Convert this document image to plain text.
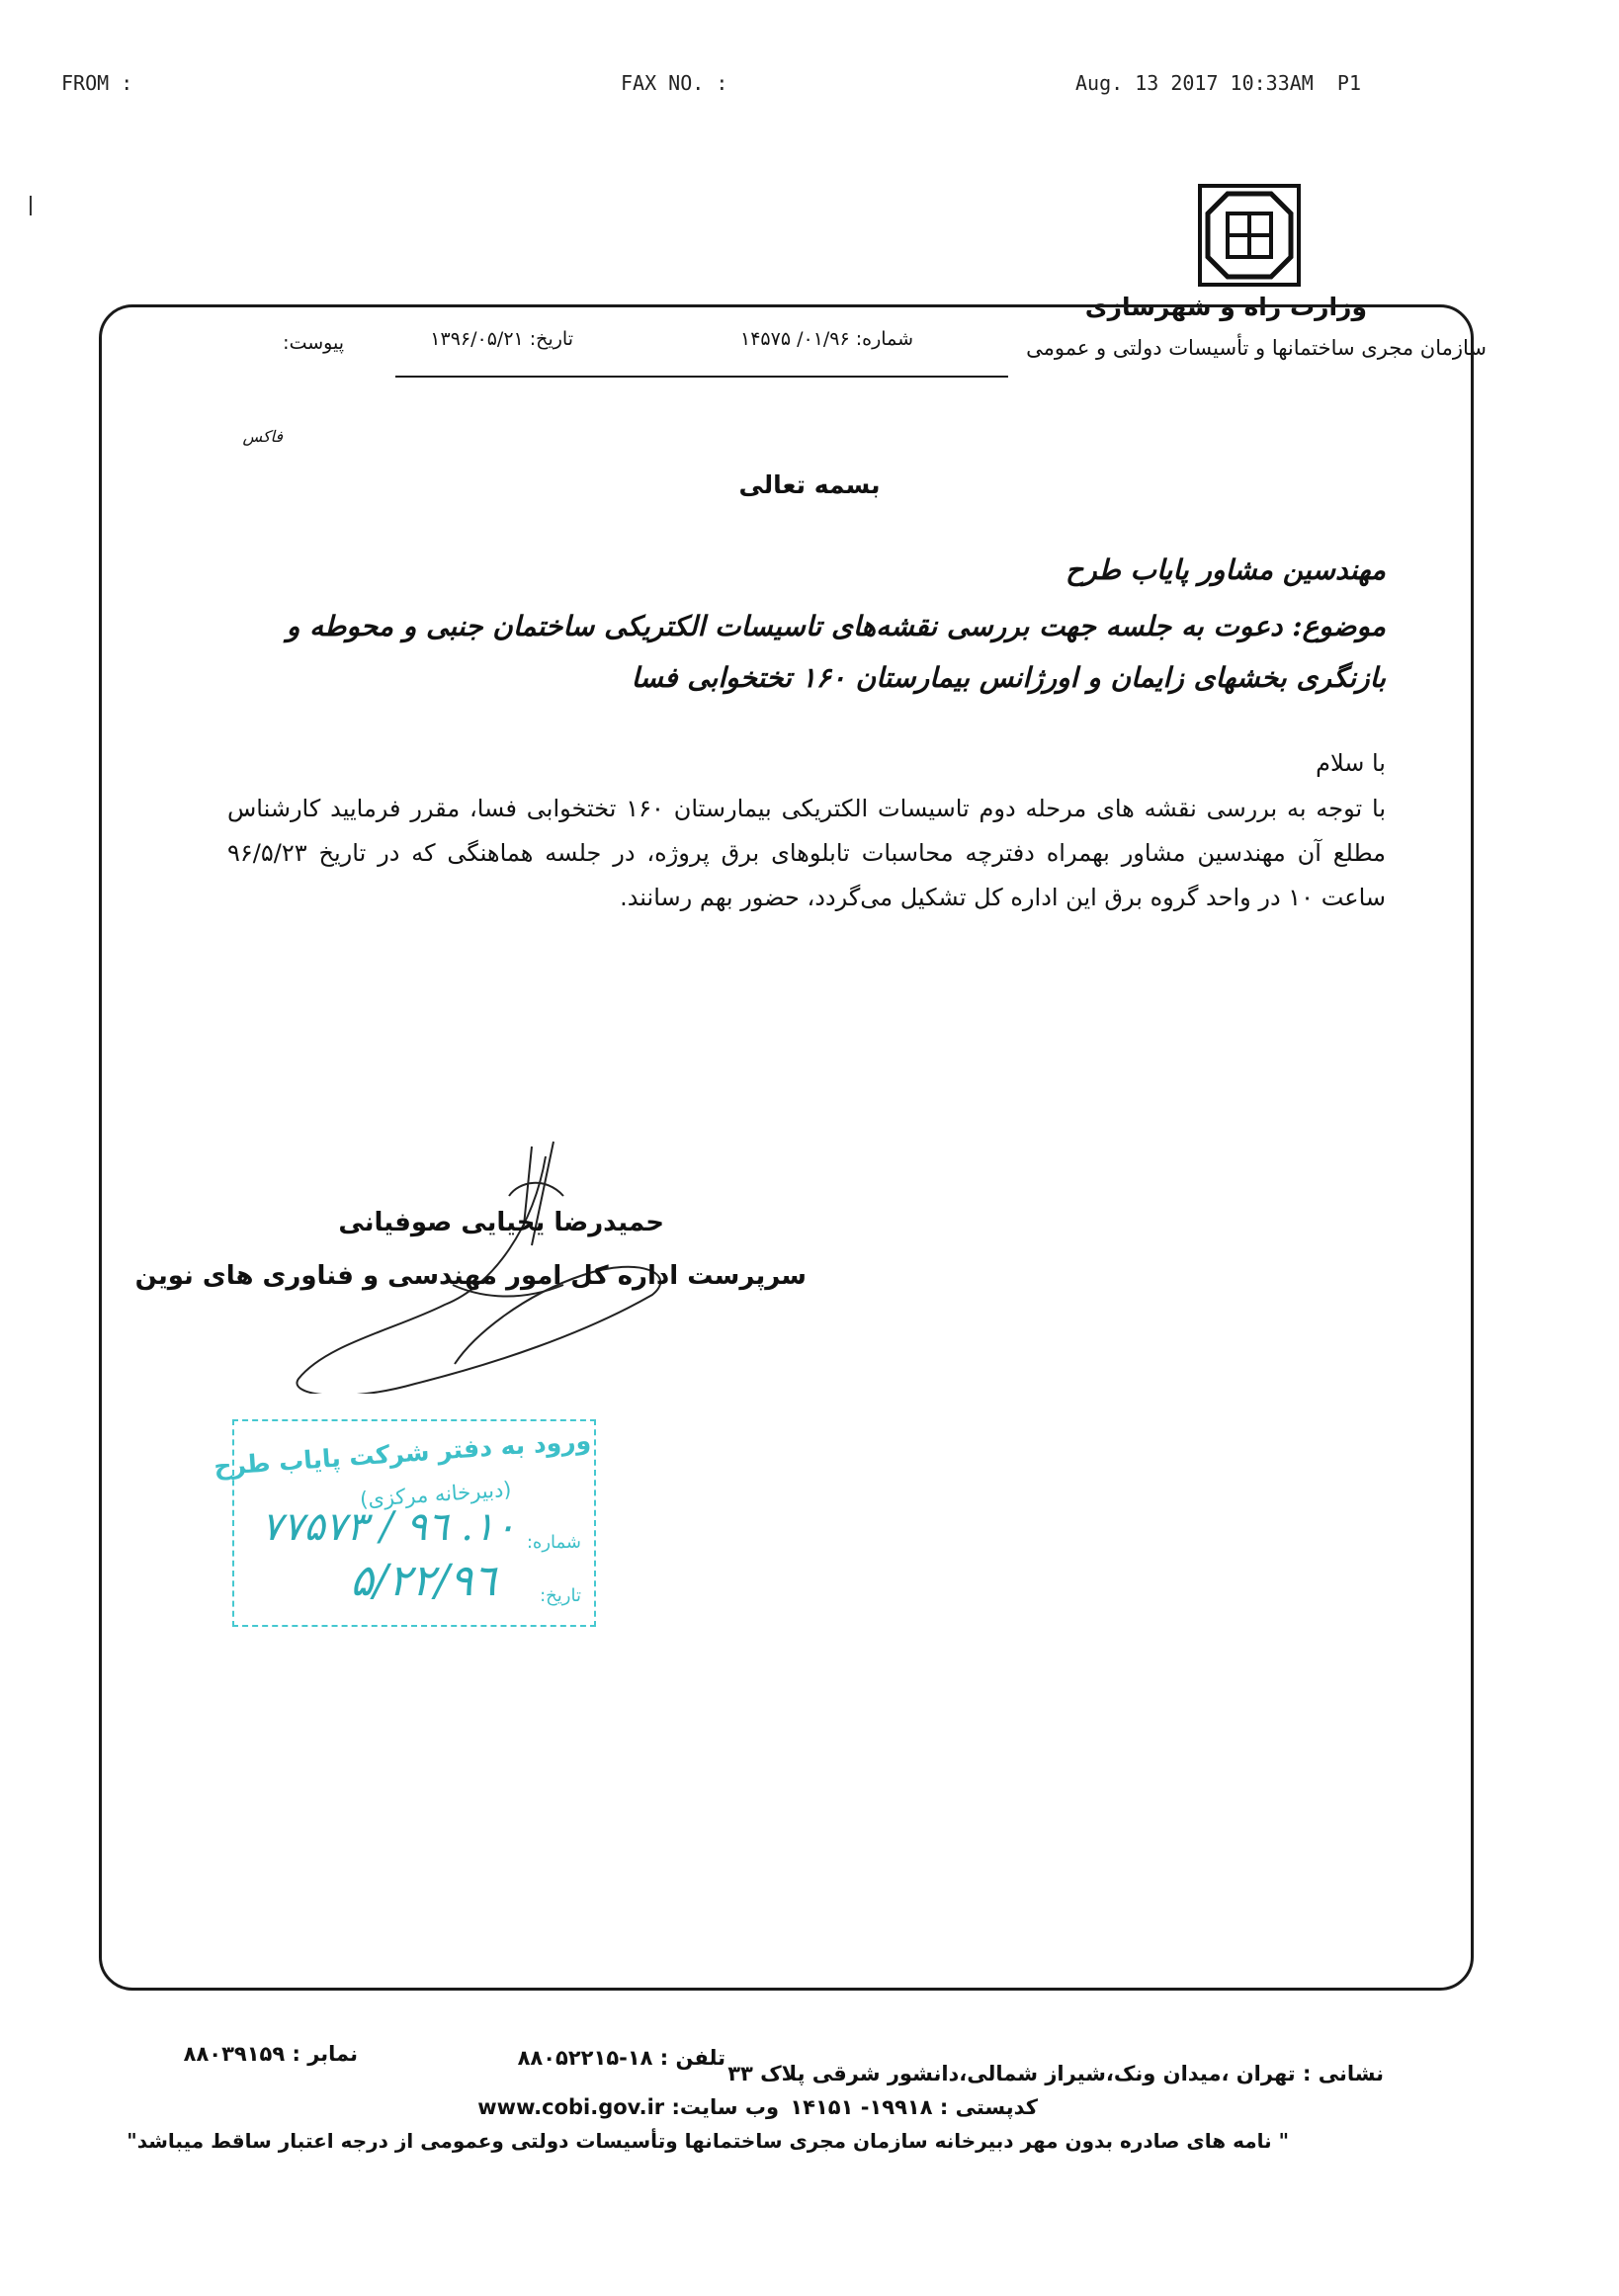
FROM :	FAX NO. :	Aug. 13 2017 10:33AM  P1
وزارت راه و شهرسازی
سازمان مجری ساختمانها و تأسیسات دولتی و عمومی
شماره: ۰۱/۹۶/ ۱۴۵۷۵
تاریخ: ۱۳۹۶/۰۵/۲۱
پیوست:
فاکس
بسمه تعالی
مهندسین مشاور پایاب طرح
موضوع: دعوت به جلسه جهت بررسی نقشه‌های تاسیسات الکتریکی ساختمان جنبی و محوطه و بازنگری بخشهای زایمان و اورژانس بیمارستان ۱۶۰ تختخوابی فسا
با سلام
با توجه به بررسی نقشه های مرحله دوم تاسیسات الکتریکی بیمارستان ۱۶۰ تختخوابی فسا، مقرر فرمایید کارشناس مطلع آن مهندسین مشاور بهمراه دفترچه محاسبات تابلوهای برق پروژه، در جلسه هماهنگی که در تاریخ ۹۶/۵/۲۳ ساعت ۱۰ در واحد گروه برق این اداره کل تشکیل می‌گردد، حضور بهم رسانند.
حمیدرضا یحیایی صوفیانی
سرپرست اداره کل امور مهندسی و فناوری های نوین
ورود به دفتر شرکت پایاب طرح
(دبیرخانه مرکزی)
شماره:
۱۰. ۹٦ / ۷۷۵۷۳
تاریخ:
۹٦/۵/۲۲
نشانی : تهران ،میدان ونک،شیراز شمالی،دانشور شرقی پلاک ۳۳
تلفن : ۱۸-۸۸۰۵۲۲۱۵
نمابر : ۸۸۰۳۹۱۵۹
کدپستی : ۱۹۹۱۸- ۱۴۱۵۱
وب سایت: www.cobi.gov.ir
" نامه های صادره بدون مهر دبیرخانه سازمان مجری ساختمانها وتأسیسات دولتی وعمومی از درجه اعتبار ساقط میباشد"
